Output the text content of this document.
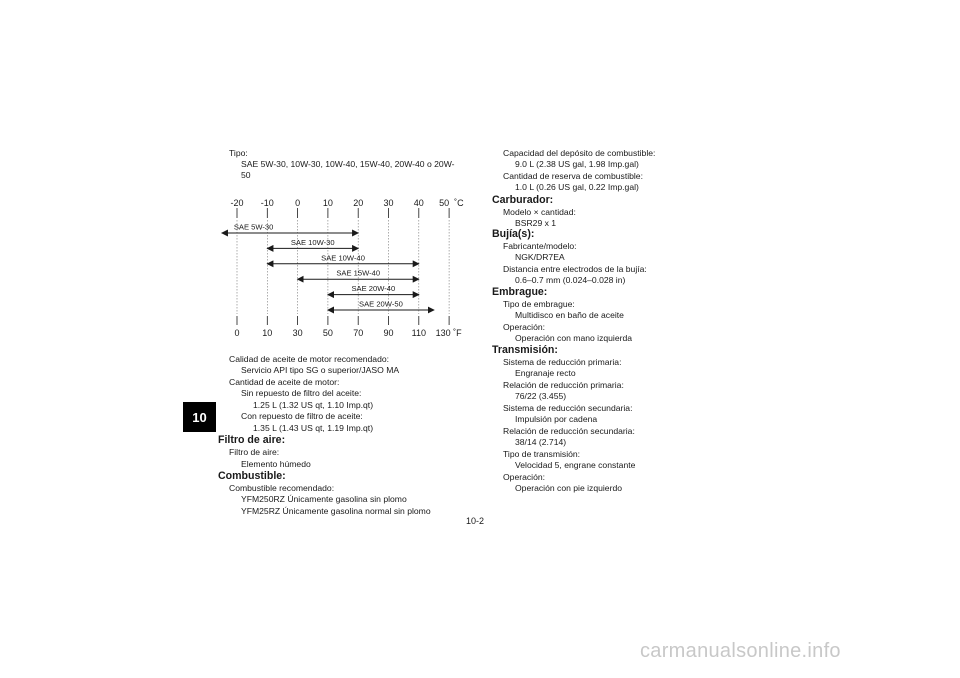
Tipo:
SAE 5W-30, 10W-30, 10W-40, 15W-40, 20W-40 o 20W-
50
-20 -10 0	10 20 30 40 50 ˚C
0	10 30 50 70 90 110 130 ˚F
SAE 5W-30
SAE 10W-30
SAE 10W-40
SAE 15W-40
SAE 20W-40
SAE 20W-50
Calidad de aceite de motor recomendado:
Servicio API tipo SG o superior/JASO MA
Cantidad de aceite de motor:
Sin repuesto de filtro del aceite:
1.25 L (1.32 US qt, 1.10 Imp.qt)
Con repuesto de filtro de aceite:
1.35 L (1.43 US qt, 1.19 Imp.qt)
Filtro de aire:
Filtro de aire:
Elemento húmedo
Combustible:
Combustible recomendado:
YFM250RZ Únicamente gasolina sin plomo
YFM25RZ Únicamente gasolina normal sin plomo
Capacidad del depósito de combustible:
9.0 L (2.38 US gal, 1.98 Imp.gal)
Cantidad de reserva de combustible:
1.0 L (0.26 US gal, 0.22 Imp.gal)
Carburador:
Modelo × cantidad:
BSR29 x 1
Bujía(s):
Fabricante/modelo:
NGK/DR7EA
Distancia entre electrodos de la bujía:
0.6–0.7 mm (0.024–0.028 in)
Embrague:
Tipo de embrague:
Multidisco en baño de aceite
Operación:
Operación con mano izquierda
Transmisión:
Sistema de reducción primaria:
Engranaje recto
Relación de reducción primaria:
76/22 (3.455)
Sistema de reducción secundaria:
Impulsión por cadena
Relación de reducción secundaria:
38/14 (2.714)
Tipo de transmisión:
Velocidad 5, engrane constante
Operación:
Operación con pie izquierdo
10
10-2
carmanualsonline.info
